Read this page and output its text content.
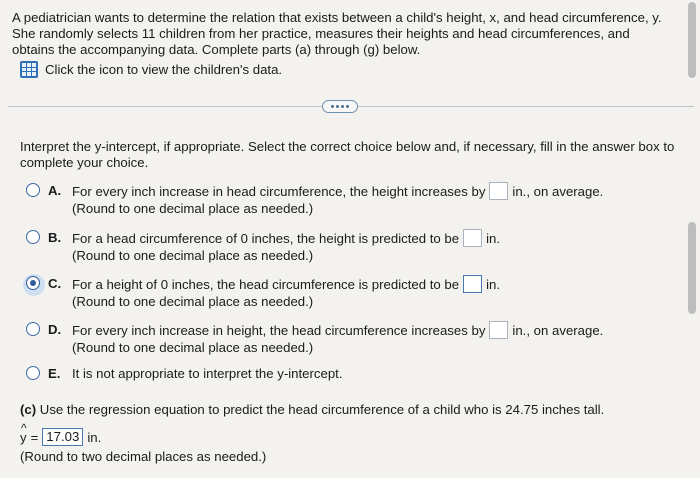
A pediatrician wants to determine the relation that exists between a child's height, x, and head circumference, y. She randomly selects 11 children from her practice, measures their heights and head circumferences, and obtains the accompanying data. Complete parts (a) through (g) below.
Click the icon to view the children's data.
Interpret the y-intercept, if appropriate. Select the correct choice below and, if necessary, fill in the answer box to complete your choice.
A. For every inch increase in head circumference, the height increases by in., on average.
(Round to one decimal place as needed.)
B. For a head circumference of 0 inches, the height is predicted to be in.
(Round to one decimal place as needed.)
C. For a height of 0 inches, the head circumference is predicted to be in.
(Round to one decimal place as needed.)
D. For every inch increase in height, the head circumference increases by in., on average.
(Round to one decimal place as needed.)
E. It is not appropriate to interpret the y-intercept.
(c) Use the regression equation to predict the head circumference of a child who is 24.75 inches tall.
^ y = 17.03 in.
(Round to two decimal places as needed.)
